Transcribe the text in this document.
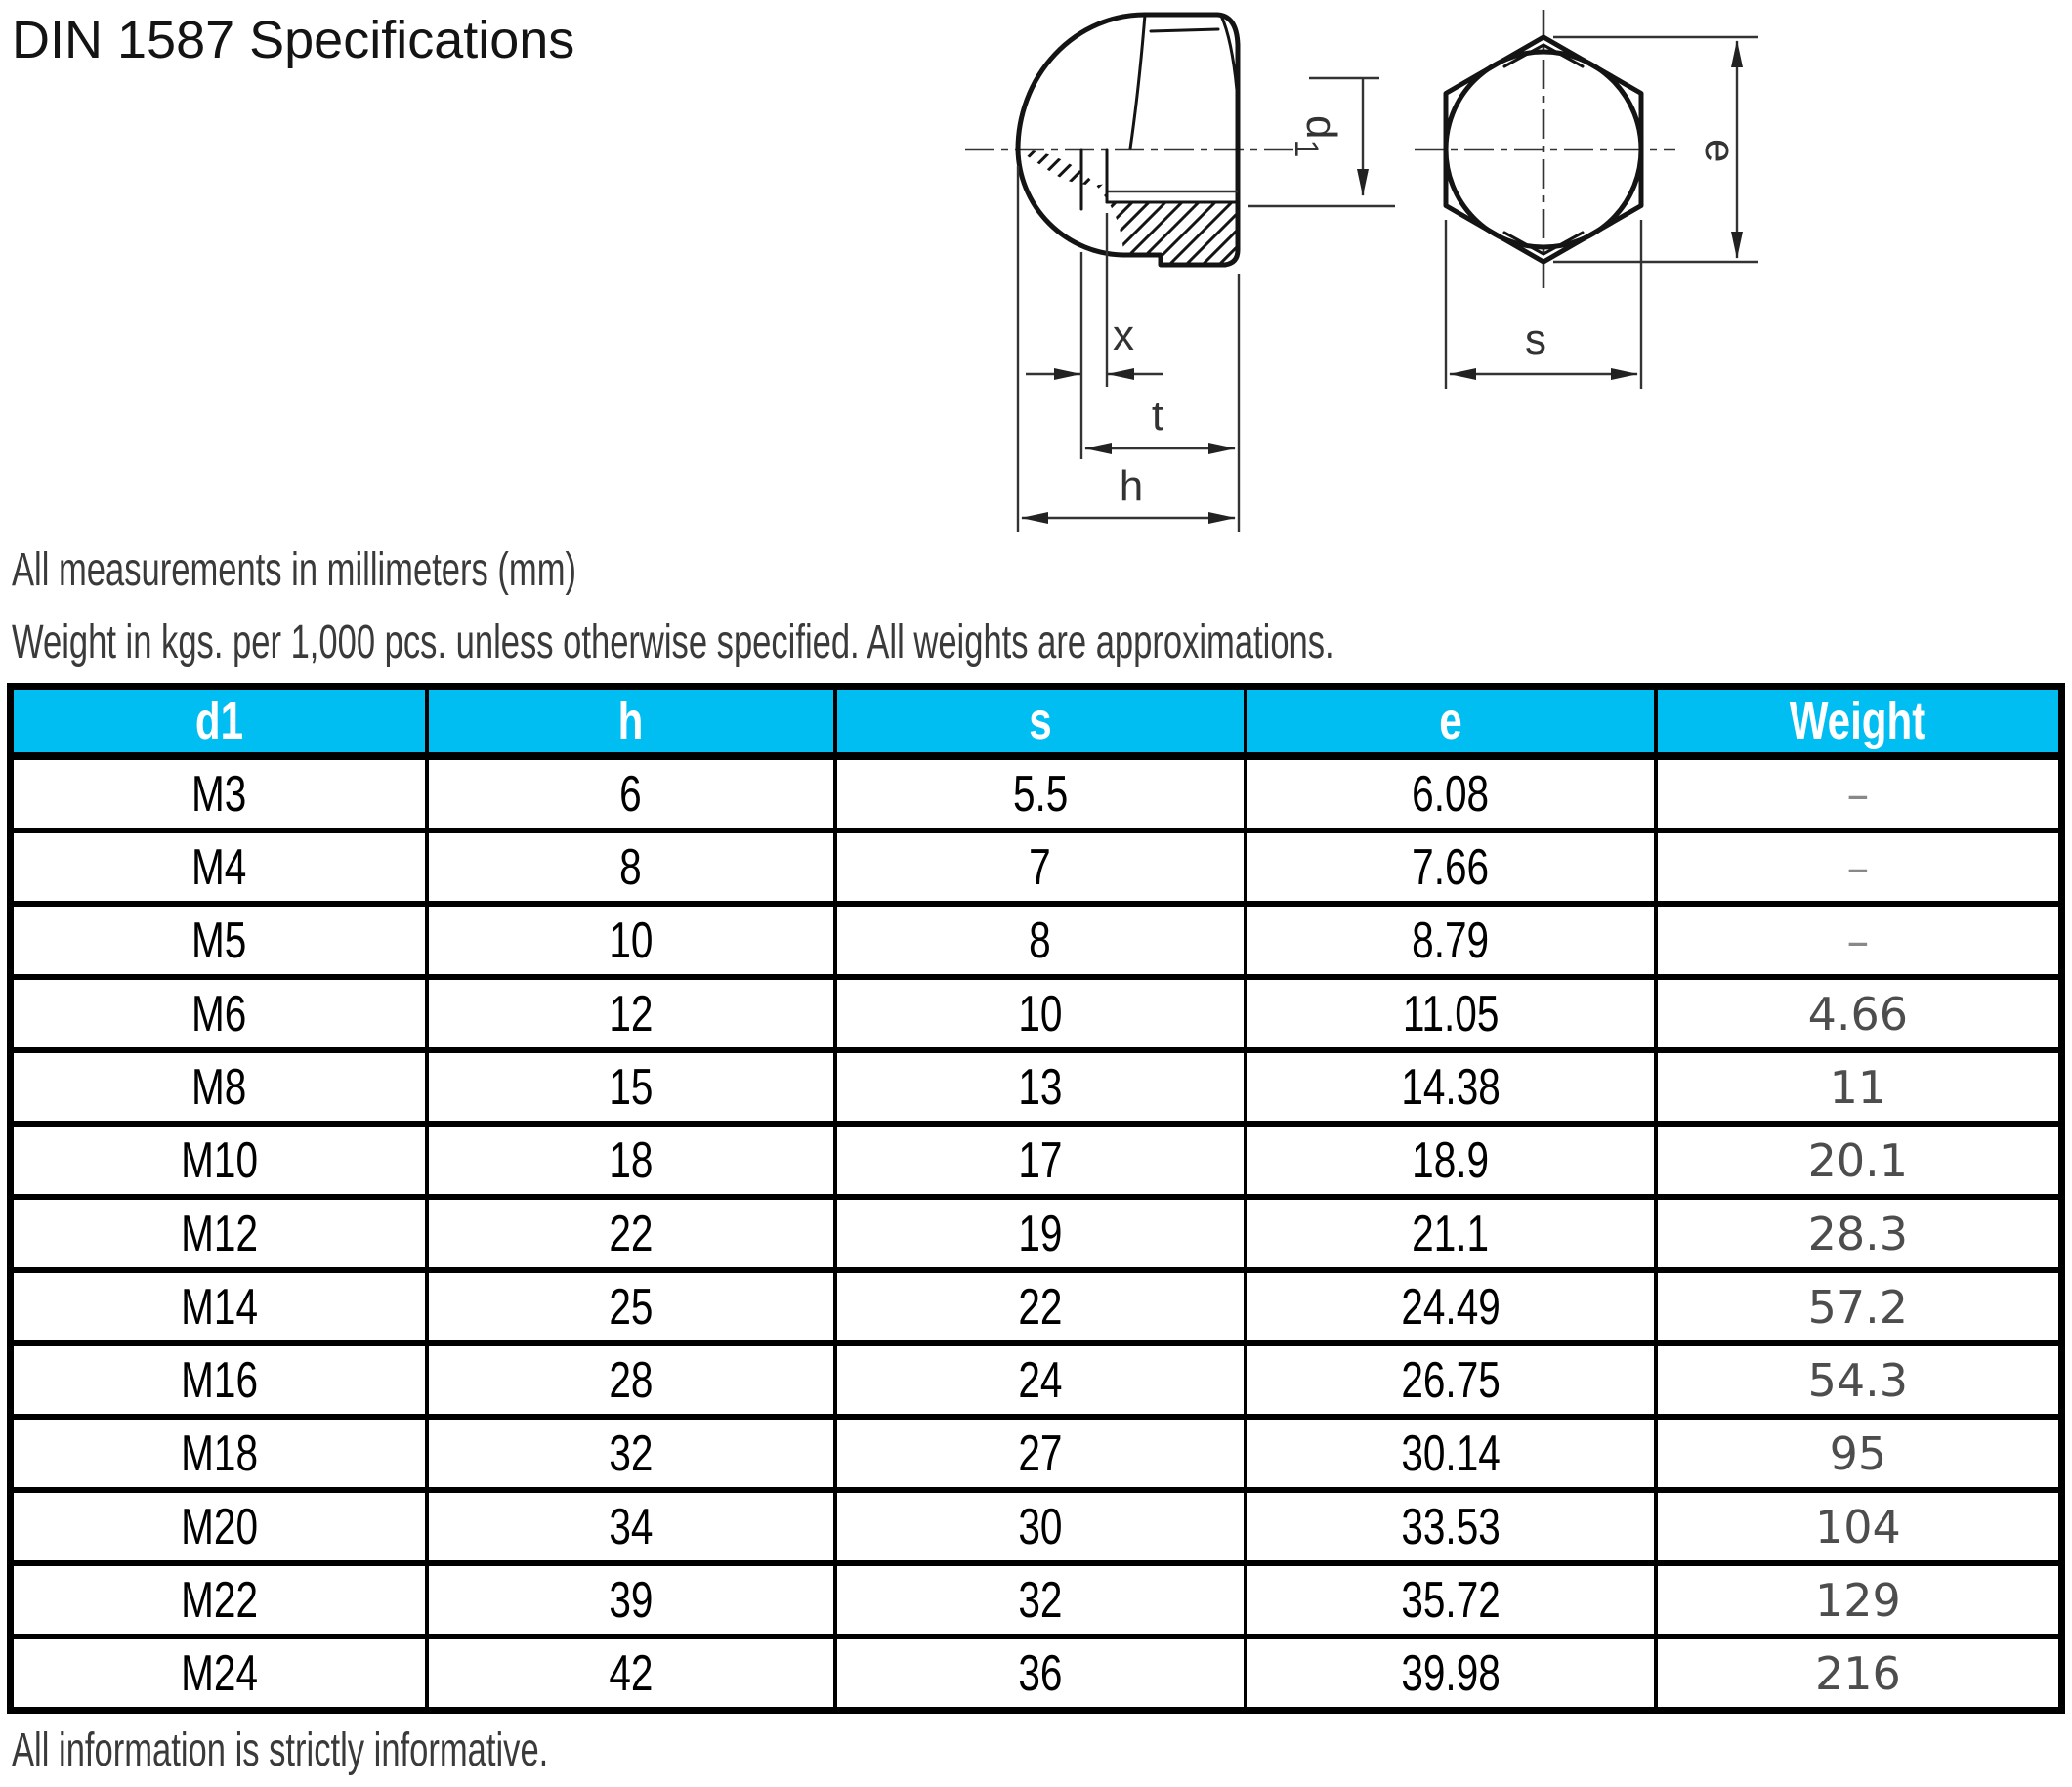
DIN 1587 Specifications
$d_1$
x
t
h
e
s
All measurements in millimeters (mm)
Weight in kgs. per 1,000 pcs. unless otherwise specified. All weights are approximations.
d1	h	s	e	Weight
M3	6	5.5	6.08	–
M4	8	7	7.66	–
M5	10	8	8.79	–
M6	12	10	11.05	4.66
M8	15	13	14.38	11
M10	18	17	18.9	20.1
M12	22	19	21.1	28.3
M14	25	22	24.49	57.2
M16	28	24	26.75	54.3
M18	32	27	30.14	95
M20	34	30	33.53	104
M22	39	32	35.72	129
M24	42	36	39.98	216
All information is strictly informative.
